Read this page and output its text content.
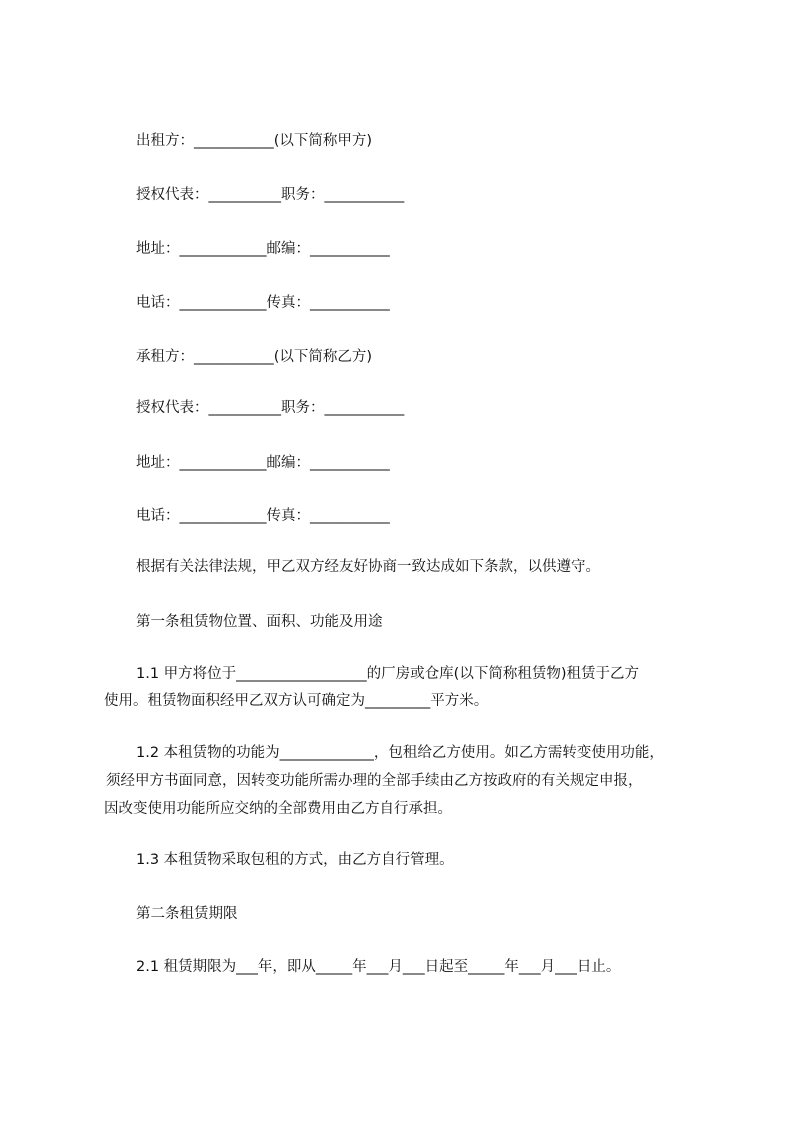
出租方：___________(以下简称甲方)
授权代表：__________职务：___________
地址：____________邮编：___________
电话：____________传真：___________
承租方：___________(以下简称乙方)
授权代表：__________职务：___________
地址：____________邮编：___________
电话：____________传真：___________
根据有关法律法规，甲乙双方经友好协商一致达成如下条款，以供遵守。
第一条租赁物位置、面积、功能及用途
1.1 甲方将位于__________________的厂房或仓库(以下简称租赁物)租赁于乙方
使用。租赁物面积经甲乙双方认可确定为_________平方米。
1.2 本租赁物的功能为_____________，包租给乙方使用。如乙方需转变使用功能，
须经甲方书面同意，因转变功能所需办理的全部手续由乙方按政府的有关规定申报，
因改变使用功能所应交纳的全部费用由乙方自行承担。
1.3 本租赁物采取包租的方式，由乙方自行管理。
第二条租赁期限
2.1 租赁期限为___年，即从_____年___月___日起至_____年___月___日止。
